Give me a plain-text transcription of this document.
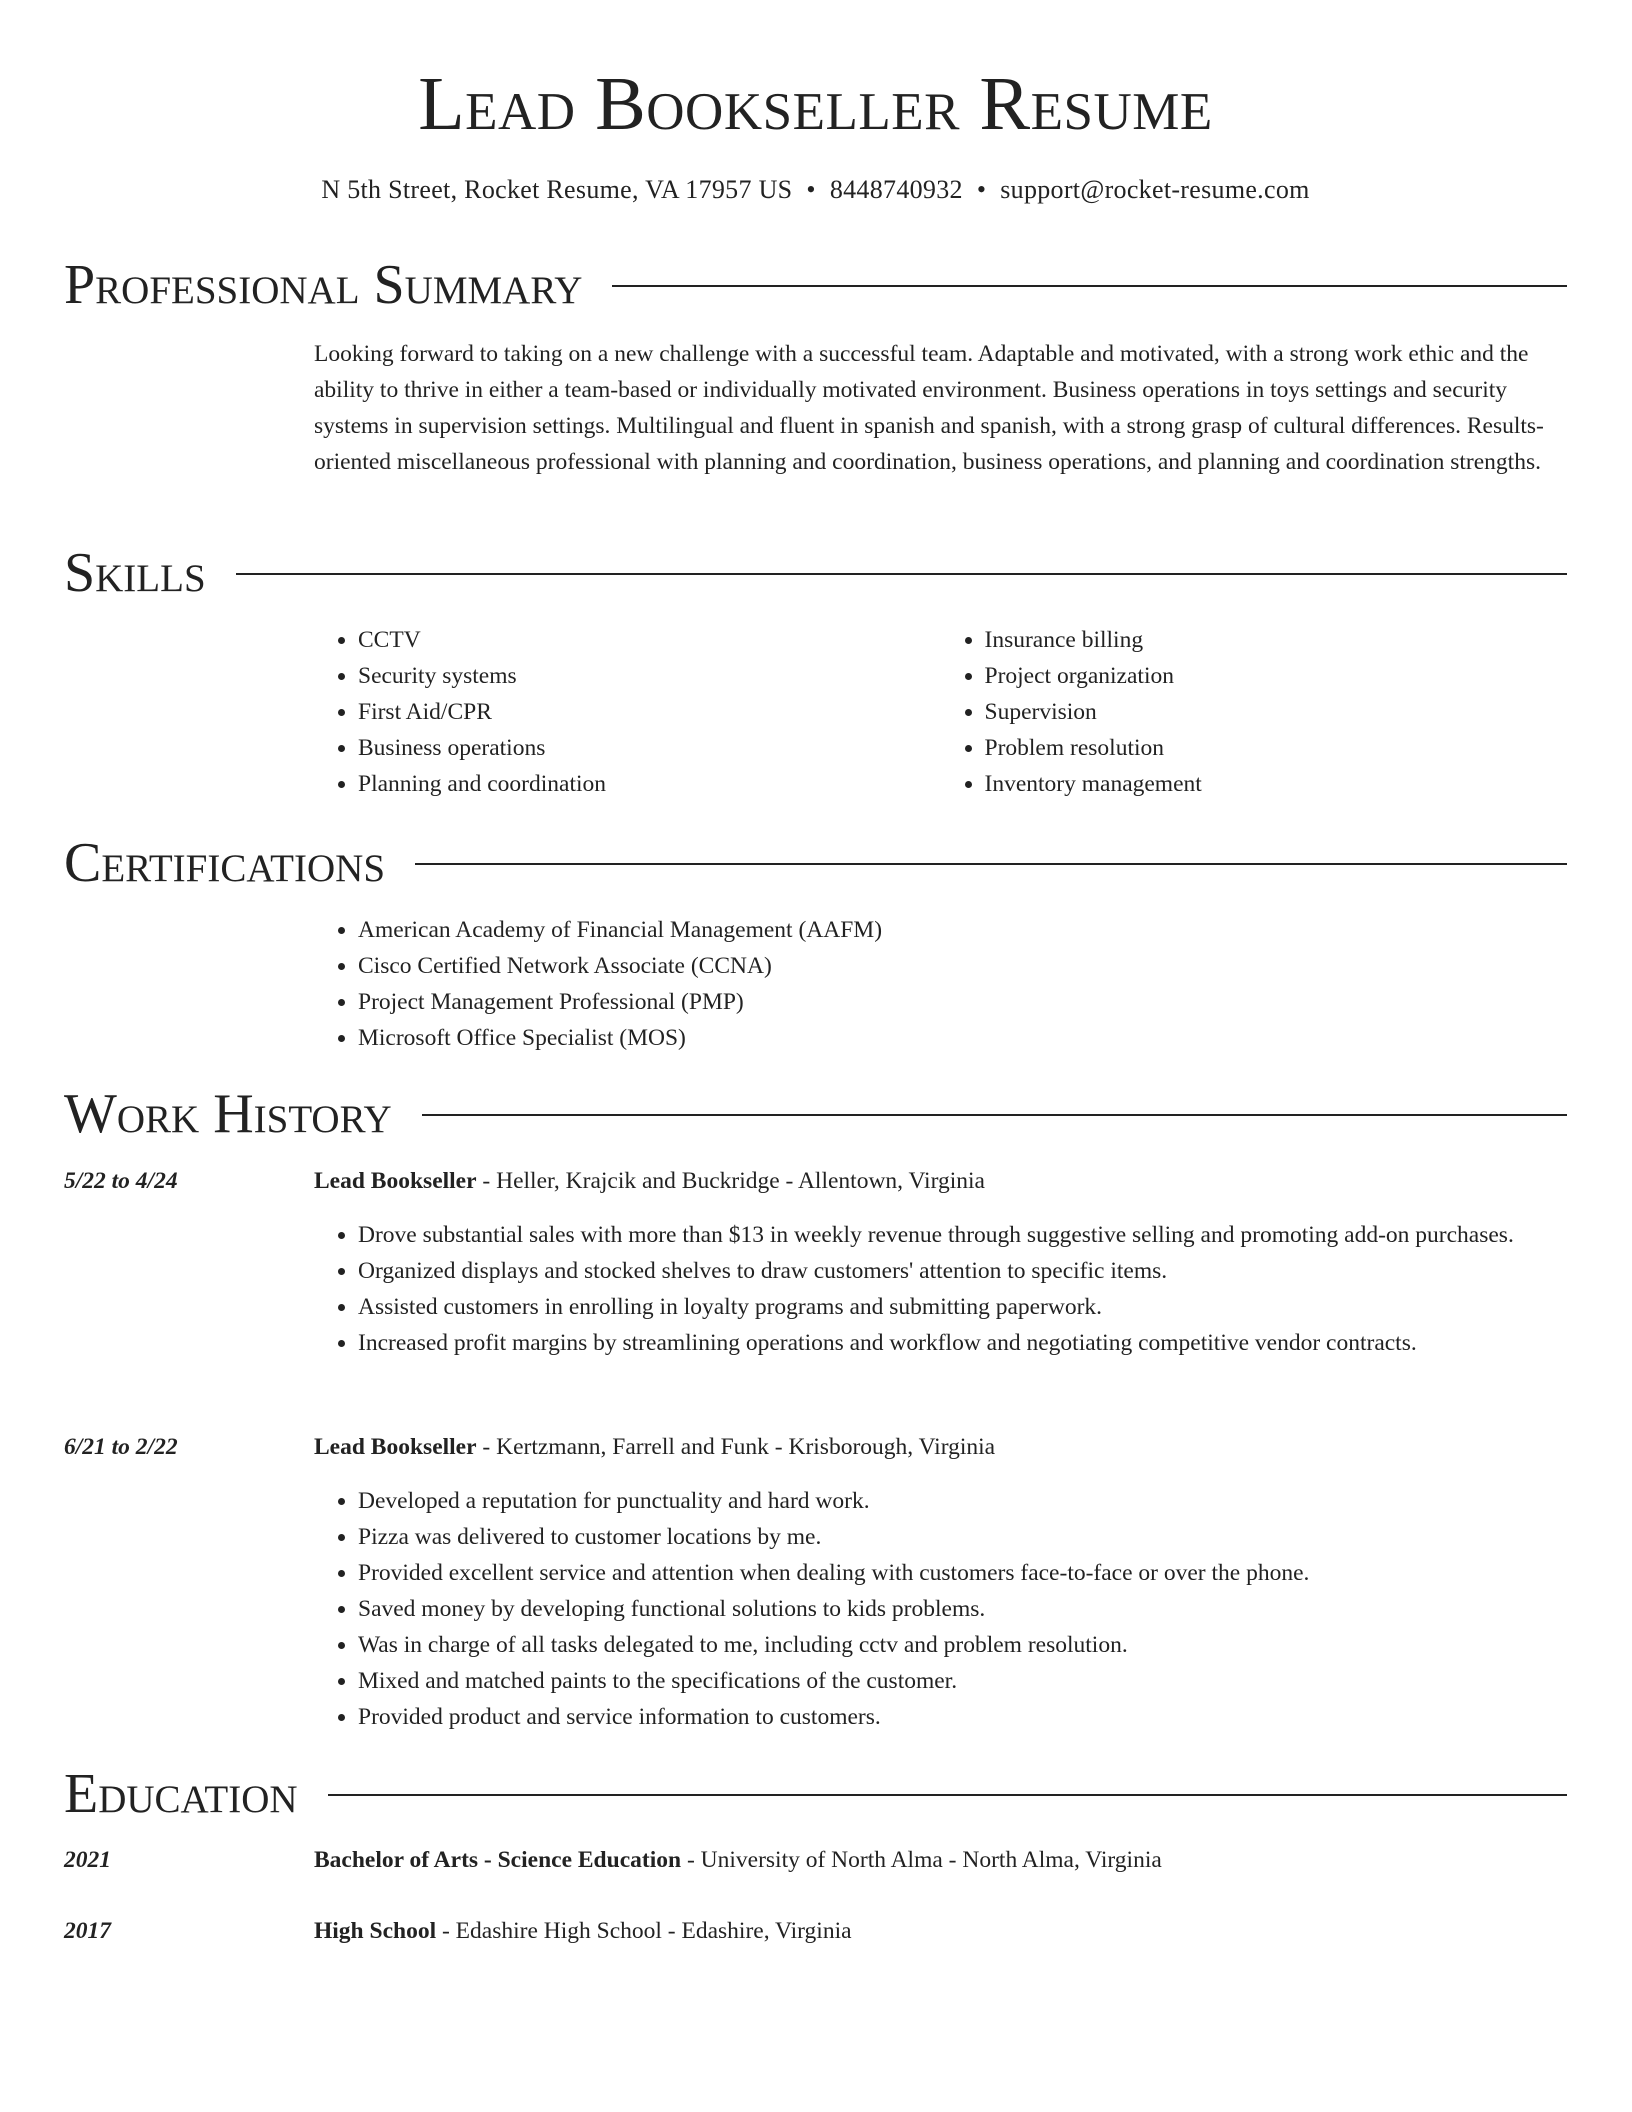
Lead Bookseller Resume
N 5th Street, Rocket Resume, VA 17957 US • 8448740932 • support@rocket-resume.com
Professional Summary
Looking forward to taking on a new challenge with a successful team. Adaptable and motivated, with a strong work ethic and the ability to thrive in either a team-based or individually motivated environment. Business operations in toys settings and security systems in supervision settings. Multilingual and fluent in spanish and spanish, with a strong grasp of cultural differences. Results-oriented miscellaneous professional with planning and coordination, business operations, and planning and coordination strengths.
Skills
• CCTV
• Security systems
• First Aid/CPR
• Business operations
• Planning and coordination
• Insurance billing
• Project organization
• Supervision
• Problem resolution
• Inventory management
Certifications
• American Academy of Financial Management (AAFM)
• Cisco Certified Network Associate (CCNA)
• Project Management Professional (PMP)
• Microsoft Office Specialist (MOS)
Work History
5/22 to 4/24	Lead Bookseller - Heller, Krajcik and Buckridge - Allentown, Virginia
• Drove substantial sales with more than $13 in weekly revenue through suggestive selling and promoting add-on purchases.
• Organized displays and stocked shelves to draw customers' attention to specific items.
• Assisted customers in enrolling in loyalty programs and submitting paperwork.
• Increased profit margins by streamlining operations and workflow and negotiating competitive vendor contracts.
6/21 to 2/22	Lead Bookseller - Kertzmann, Farrell and Funk - Krisborough, Virginia
• Developed a reputation for punctuality and hard work.
• Pizza was delivered to customer locations by me.
• Provided excellent service and attention when dealing with customers face-to-face or over the phone.
• Saved money by developing functional solutions to kids problems.
• Was in charge of all tasks delegated to me, including cctv and problem resolution.
• Mixed and matched paints to the specifications of the customer.
• Provided product and service information to customers.
Education
2021	Bachelor of Arts - Science Education - University of North Alma - North Alma, Virginia
2017	High School - Edashire High School - Edashire, Virginia
